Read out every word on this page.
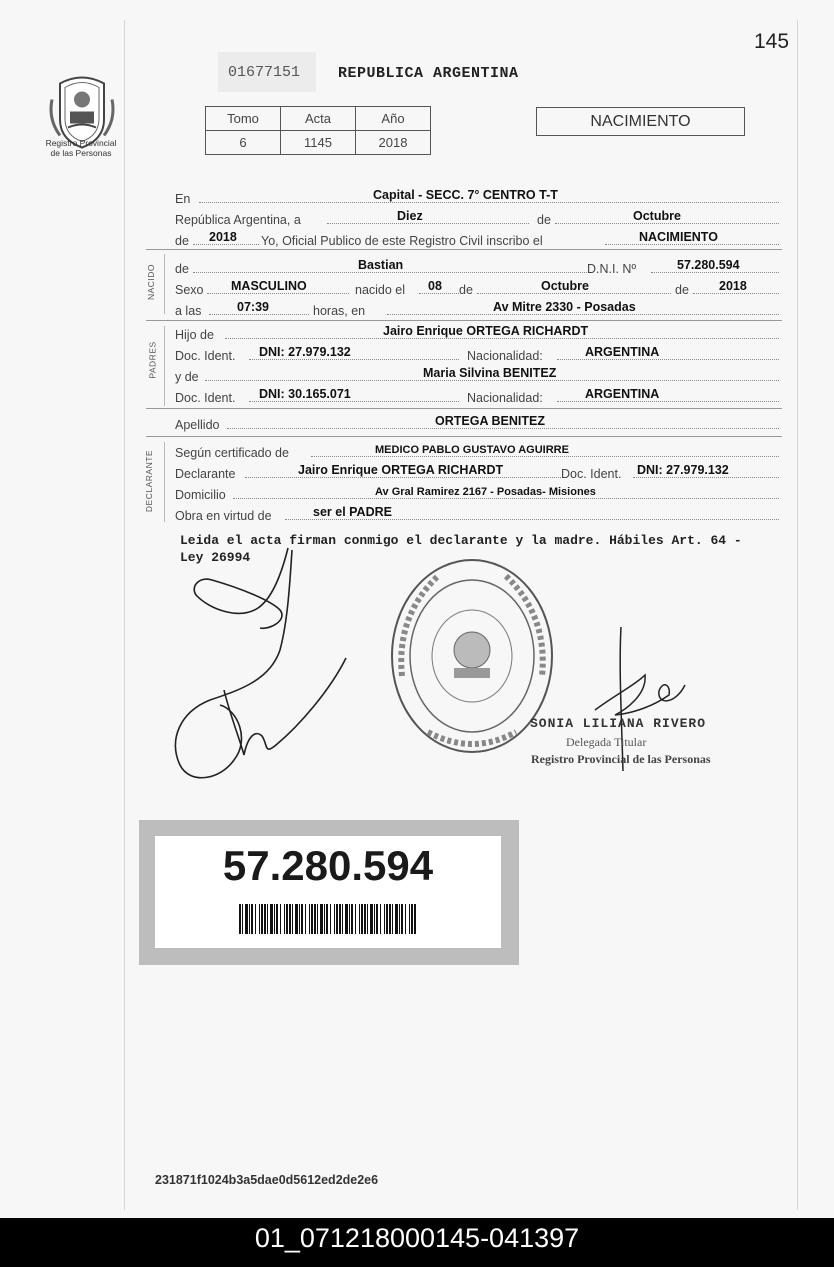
Registro Provincial
de las Personas
145
01677151	REPUBLICA ARGENTINA
Tomo	Acta	Año
6	1145	2018
NACIMIENTO
En	Capital - SECC. 7° CENTRO T-T
República Argentina, a	Diez	de	Octubre
de 2018 Yo, Oficial Publico de este Registro Civil inscribo el	NACIMIENTO
NACIDO de	Bastian	D.N.I. Nº	57.280.594
Sexo MASCULINO	nacido el 08 de	Octubre	de 2018
a las	07:39	horas, en	Av Mitre 2330 - Posadas
PADRES
Hijo de	Jairo Enrique ORTEGA RICHARDT
Doc. Ident. DNI: 27.979.132	Nacionalidad:	ARGENTINA
y de	Maria Silvina BENITEZ
Doc. Ident. DNI: 30.165.071	Nacionalidad:	ARGENTINA
Apellido	ORTEGA BENITEZ
DECLARANTE Según certificado de	MEDICO PABLO GUSTAVO AGUIRRE
Declarante	Jairo Enrique ORTEGA RICHARDT	Doc. Ident. DNI: 27.979.132
Domicilio	Av Gral Ramirez 2167 - Posadas- Misiones
Obra en virtud de	ser el PADRE
Leida el acta firman conmigo el declarante y la madre. Hábiles Art. 64 - Ley 26994
SONIA LILIANA RIVERO
Delegada Titular
Registro Provincial de las Personas
57.280.594
231871f1024b3a5dae0d5612ed2de2e6
01_071218000145-041397
